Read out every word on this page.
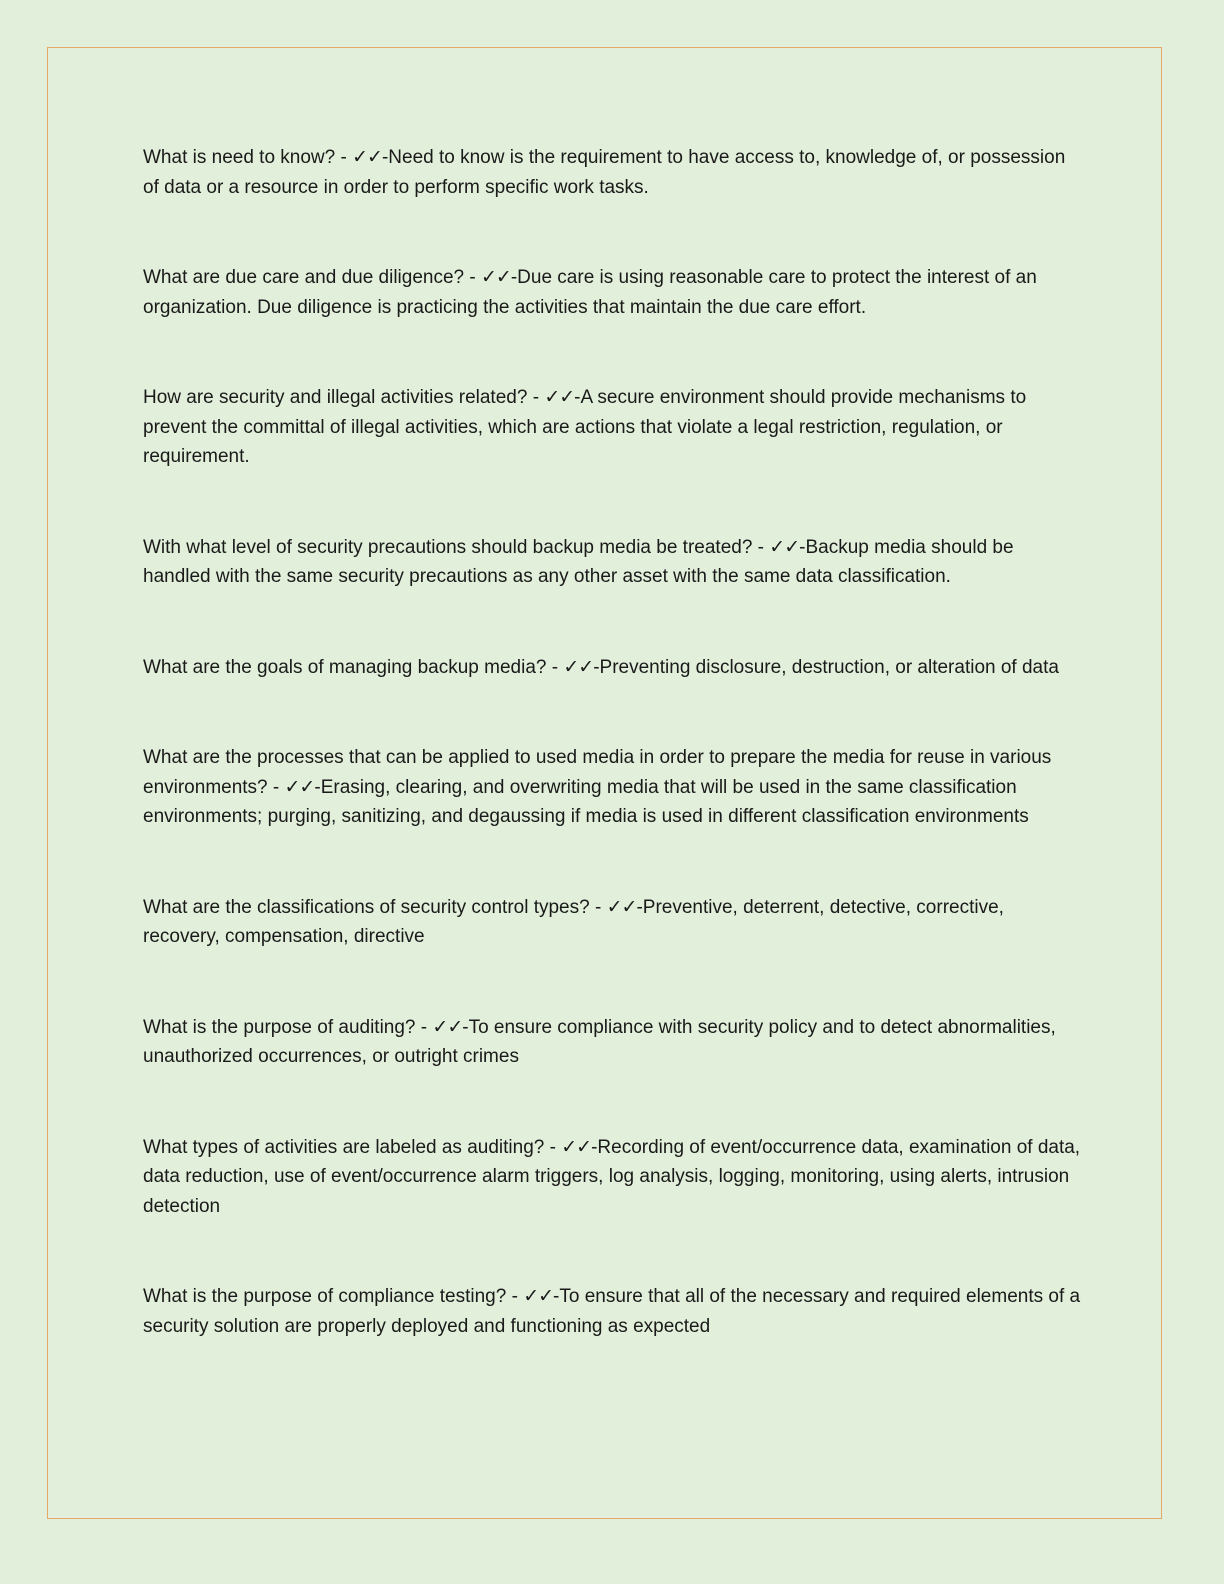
What is need to know? - ✓✓-Need to know is the requirement to have access to, knowledge of, or possession of data or a resource in order to perform specific work tasks.

What are due care and due diligence? - ✓✓-Due care is using reasonable care to protect the interest of an organization. Due diligence is practicing the activities that maintain the due care effort.

How are security and illegal activities related? - ✓✓-A secure environment should provide mechanisms to prevent the committal of illegal activities, which are actions that violate a legal restriction, regulation, or requirement.

With what level of security precautions should backup media be treated? - ✓✓-Backup media should be handled with the same security precautions as any other asset with the same data classification.

What are the goals of managing backup media? - ✓✓-Preventing disclosure, destruction, or alteration of data

What are the processes that can be applied to used media in order to prepare the media for reuse in various environments? - ✓✓-Erasing, clearing, and overwriting media that will be used in the same classification environments; purging, sanitizing, and degaussing if media is used in different classification environments

What are the classifications of security control types? - ✓✓-Preventive, deterrent, detective, corrective, recovery, compensation, directive

What is the purpose of auditing? - ✓✓-To ensure compliance with security policy and to detect abnormalities, unauthorized occurrences, or outright crimes

What types of activities are labeled as auditing? - ✓✓-Recording of event/occurrence data, examination of data, data reduction, use of event/occurrence alarm triggers, log analysis, logging, monitoring, using alerts, intrusion detection

What is the purpose of compliance testing? - ✓✓-To ensure that all of the necessary and required elements of a security solution are properly deployed and functioning as expected
